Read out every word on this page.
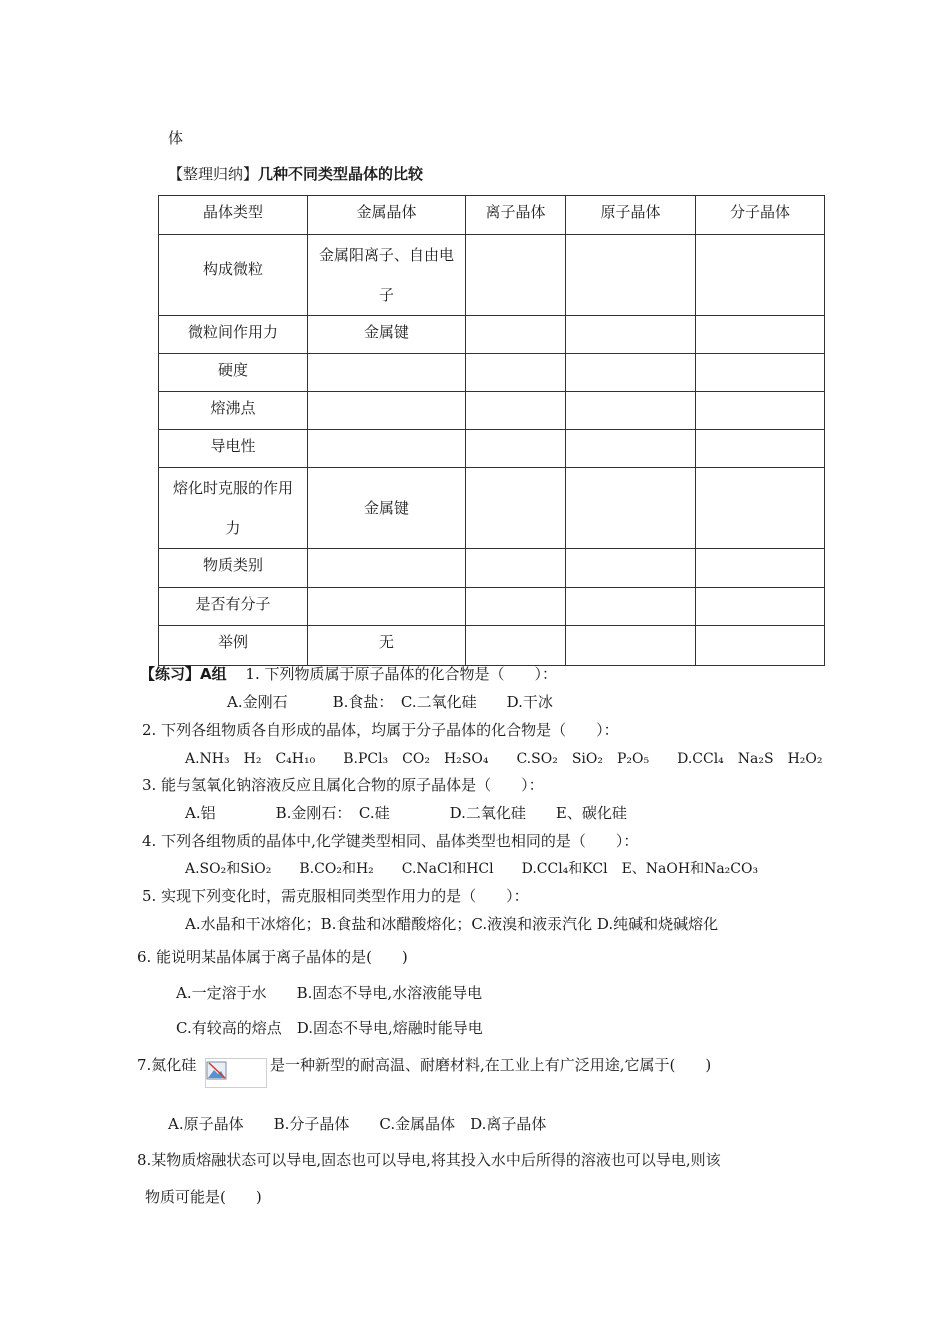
体
【整理归纳】几种不同类型晶体的比较
晶体类型	金属晶体	离子晶体	原子晶体	分子晶体
构成微粒	金属阳离子、自由电子			
微粒间作用力	金属键			
硬度				
熔沸点				
导电性				
熔化时克服的作用力	金属键			
物质类别				
是否有分子				
举例	无			
【练习】A组 1. 下列物质属于原子晶体的化合物是（　　）：
A.金刚石　　　B.食盐：　C.二氧化硅　　D.干冰
2. 下列各组物质各自形成的晶体，均属于分子晶体的化合物是（　　）：
A.NH₃　H₂　C₄H₁₀　　B.PCl₃　CO₂　H₂SO₄　　C.SO₂　SiO₂　P₂O₅　　D.CCl₄　Na₂S　H₂O₂
3. 能与氢氧化钠溶液反应且属化合物的原子晶体是（　　）：
A.铝　　　　B.金刚石：　C.硅　　　　D.二氧化硅　　E、碳化硅
4. 下列各组物质的晶体中,化学键类型相同、晶体类型也相同的是（　　）：
A.SO₂和SiO₂　　B.CO₂和H₂　　C.NaCl和HCl　　D.CCl₄和KCl　E、NaOH和Na₂CO₃
5. 实现下列变化时，需克服相同类型作用力的是（　　）：
A.水晶和干冰熔化；B.食盐和冰醋酸熔化；C.液溴和液汞汽化 D.纯碱和烧碱熔化
6. 能说明某晶体属于离子晶体的是(　　)
A.一定溶于水　　B.固态不导电,水溶液能导电
C.有较高的熔点　D.固态不导电,熔融时能导电
7.氮化硅	是一种新型的耐高温、耐磨材料,在工业上有广泛用途,它属于(　　)
A.原子晶体　　B.分子晶体　　C.金属晶体　D.离子晶体
8.某物质熔融状态可以导电,固态也可以导电,将其投入水中后所得的溶液也可以导电,则该
物质可能是(　　)
